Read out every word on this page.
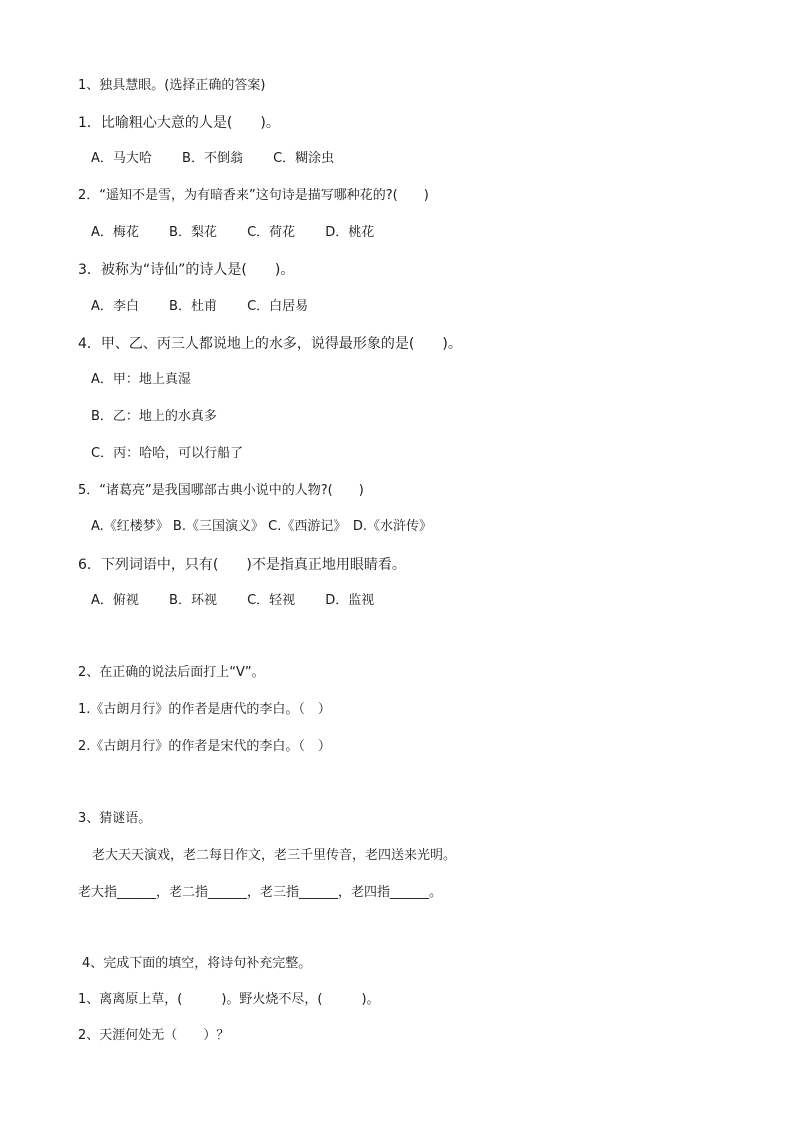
1、独具慧眼。(选择正确的答案)
1．比喻粗心大意的人是(　　)。
A．马大哈　　 B．不倒翁　　 C．糊涂虫
2．“遥知不是雪，为有暗香来”这句诗是描写哪种花的?(　　)
A．梅花　　 B．梨花　　 C．荷花　　 D．桃花
3．被称为“诗仙”的诗人是(　　)。
A．李白　　 B．杜甫　　 C．白居易
4．甲、乙、丙三人都说地上的水多，说得最形象的是(　　)。
A．甲：地上真湿
B．乙：地上的水真多
C．丙：哈哈，可以行船了
5．“诸葛亮”是我国哪部古典小说中的人物?(　　)
A.《红楼梦》 B.《三国演义》 C.《西游记》　D.《水浒传》
6．下列词语中，只有(　　)不是指真正地用眼睛看。
A．俯视　　 B．环视　　 C．轻视　　 D．监视
2、在正确的说法后面打上“V”。
1.《古朗月行》的作者是唐代的李白。（　）
2.《古朗月行》的作者是宋代的李白。（　）
3、猜谜语。
老大天天演戏，老二每日作文，老三千里传音，老四送来光明。
老大指______，老二指______，老三指______，老四指______。
4、完成下面的填空，将诗句补充完整。
1、离离原上草，(　　　)。野火烧不尽，(　　　)。
2、天涯何处无（　　）？
